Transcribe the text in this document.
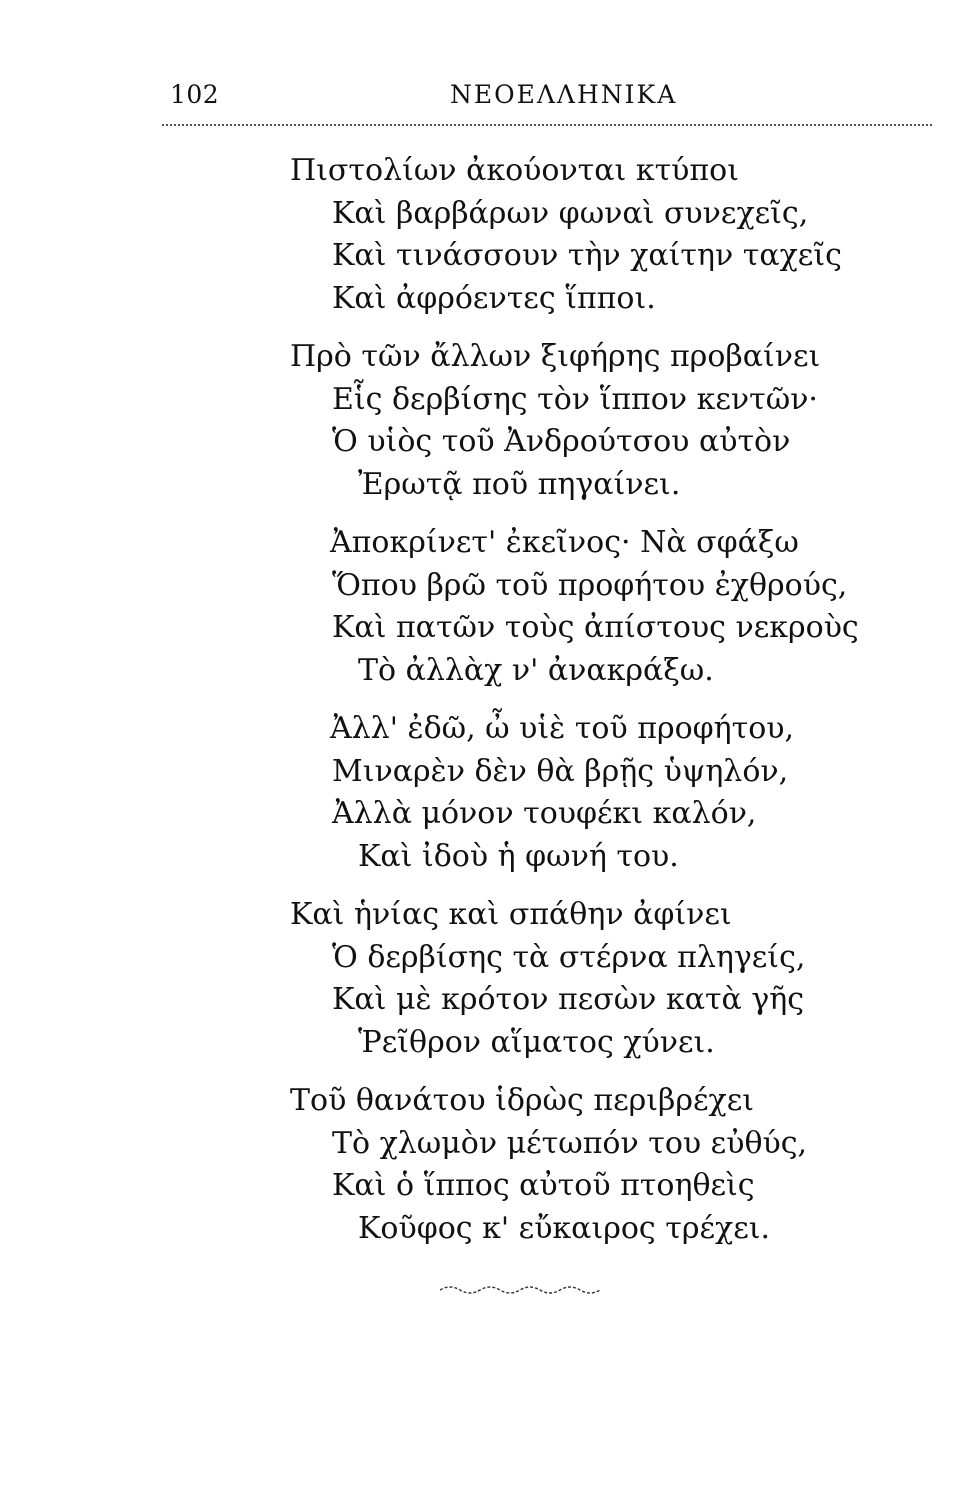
102	ΝΕΟΕΛΛΗΝΙΚΑ
Πιστολίων ἀκούονται κτύποι
Καὶ βαρβάρων φωναὶ συνεχεῖς,
Καὶ τινάσσουν τὴν χαίτην ταχεῖς
Καὶ ἀφρόεντες ἵπποι.
Πρὸ τῶν ἄλλων ξιφήρης προβαίνει
Εἷς δερβίσης τὸν ἵππον κεντῶν·
Ὁ υἱὸς τοῦ Ἀνδρούτσου αὐτὸν
Ἐρωτᾷ ποῦ πηγαίνει.
Ἀποκρίνετ' ἐκεῖνος· Νὰ σφάξω
Ὅπου βρῶ τοῦ προφήτου ἐχθρούς,
Καὶ πατῶν τοὺς ἀπίστους νεκροὺς
Τὸ ἀλλὰχ ν' ἀνακράξω.
Ἀλλ' ἐδῶ, ὦ υἱὲ τοῦ προφήτου,
Μιναρὲν δὲν θὰ βρῇς ὑψηλόν,
Ἀλλὰ μόνον τουφέκι καλόν,
Καὶ ἰδοὺ ἡ φωνή του.
Καὶ ἡνίας καὶ σπάθην ἀφίνει
Ὁ δερβίσης τὰ στέρνα πληγείς,
Καὶ μὲ κρότον πεσὼν κατὰ γῆς
Ῥεῖθρον αἵματος χύνει.
Τοῦ θανάτου ἱδρὼς περιβρέχει
Τὸ χλωμὸν μέτωπόν του εὐθύς,
Καὶ ὁ ἵππος αὐτοῦ πτοηθεὶς
Κοῦφος κ' εὔκαιρος τρέχει.
